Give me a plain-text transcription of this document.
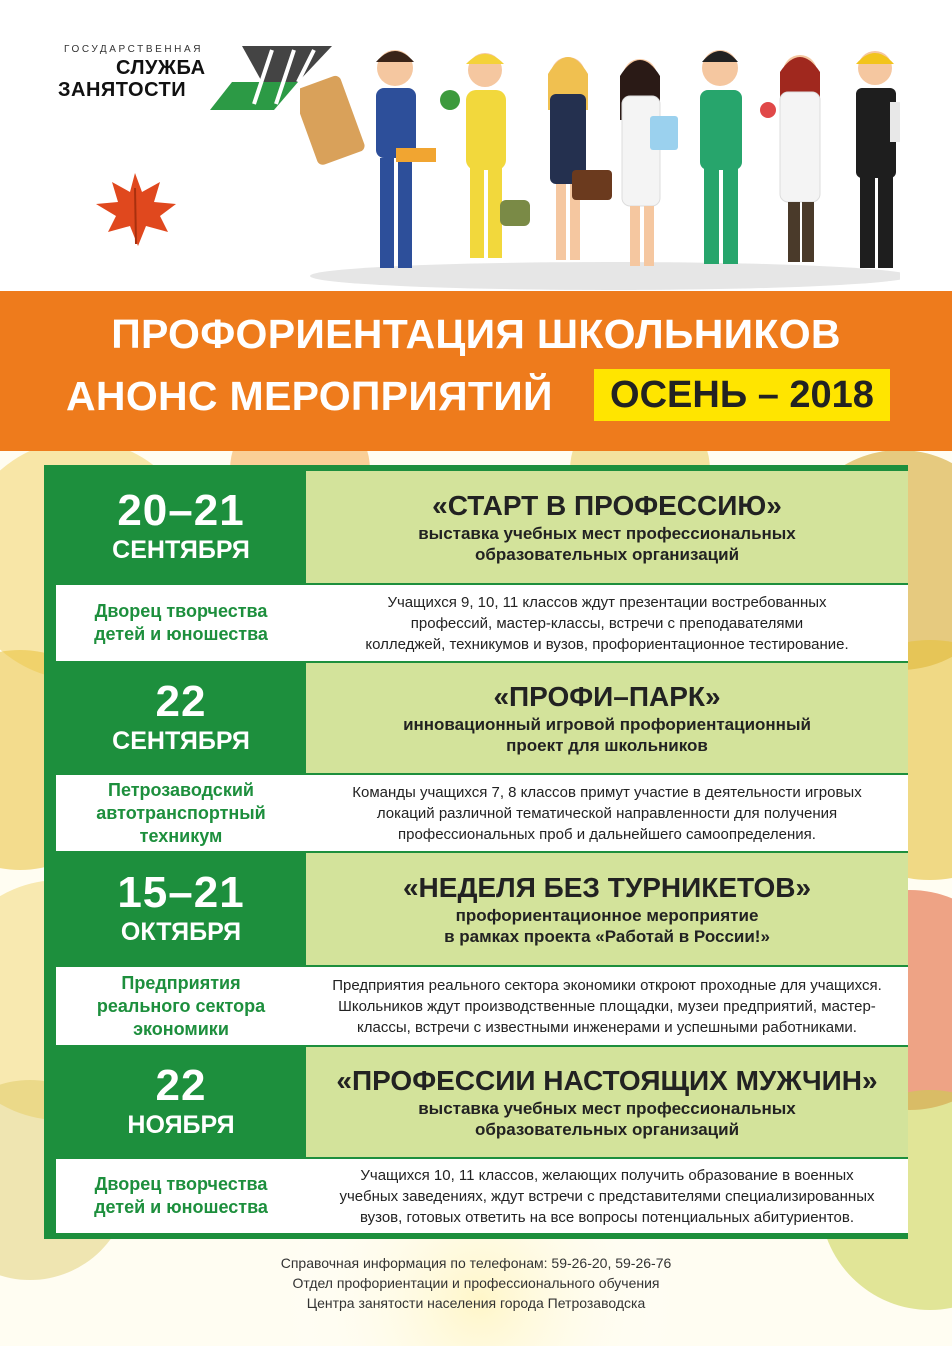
ГОСУДАРСТВЕННАЯ
СЛУЖБА
ЗАНЯТОСТИ
ПРОФОРИЕНТАЦИЯ ШКОЛЬНИКОВ
АНОНС МЕРОПРИЯТИЙ	ОСЕНЬ – 2018
20–21
СЕНТЯБРЯ
«СТАРТ В ПРОФЕССИЮ»
выставка учебных мест профессиональных
образовательных организаций
Дворец творчества
детей и юношества
Учащихся 9, 10, 11 классов ждут презентации востребованных
профессий, мастер-классы, встречи с преподавателями
колледжей, техникумов и вузов, профориентационное тестирование.
22
СЕНТЯБРЯ
«ПРОФИ–ПАРК»
инновационный игровой профориентационный
проект для школьников
Петрозаводский
автотранспортный
техникум
Команды учащихся 7, 8 классов примут участие в деятельности игровых
локаций различной тематической направленности для получения
профессиональных проб и дальнейшего самоопределения.
15–21
ОКТЯБРЯ
«НЕДЕЛЯ БЕЗ ТУРНИКЕТОВ»
профориентационное мероприятие
в рамках проекта «Работай в России!»
Предприятия
реального сектора
экономики
Предприятия реального сектора экономики откроют проходные для учащихся.
Школьников ждут производственные площадки, музеи предприятий, мастер-
классы, встречи с известными инженерами и успешными работниками.
22
НОЯБРЯ
«ПРОФЕССИИ НАСТОЯЩИХ МУЖЧИН»
выставка учебных мест профессиональных
образовательных организаций
Дворец творчества
детей и юношества
Учащихся 10, 11 классов, желающих получить образование в военных
учебных заведениях, ждут встречи с представителями специализированных
вузов, готовых ответить на все вопросы потенциальных абитуриентов.
Справочная информация по телефонам: 59-26-20, 59-26-76
Отдел профориентации и профессионального обучения
Центра занятости населения города Петрозаводска
